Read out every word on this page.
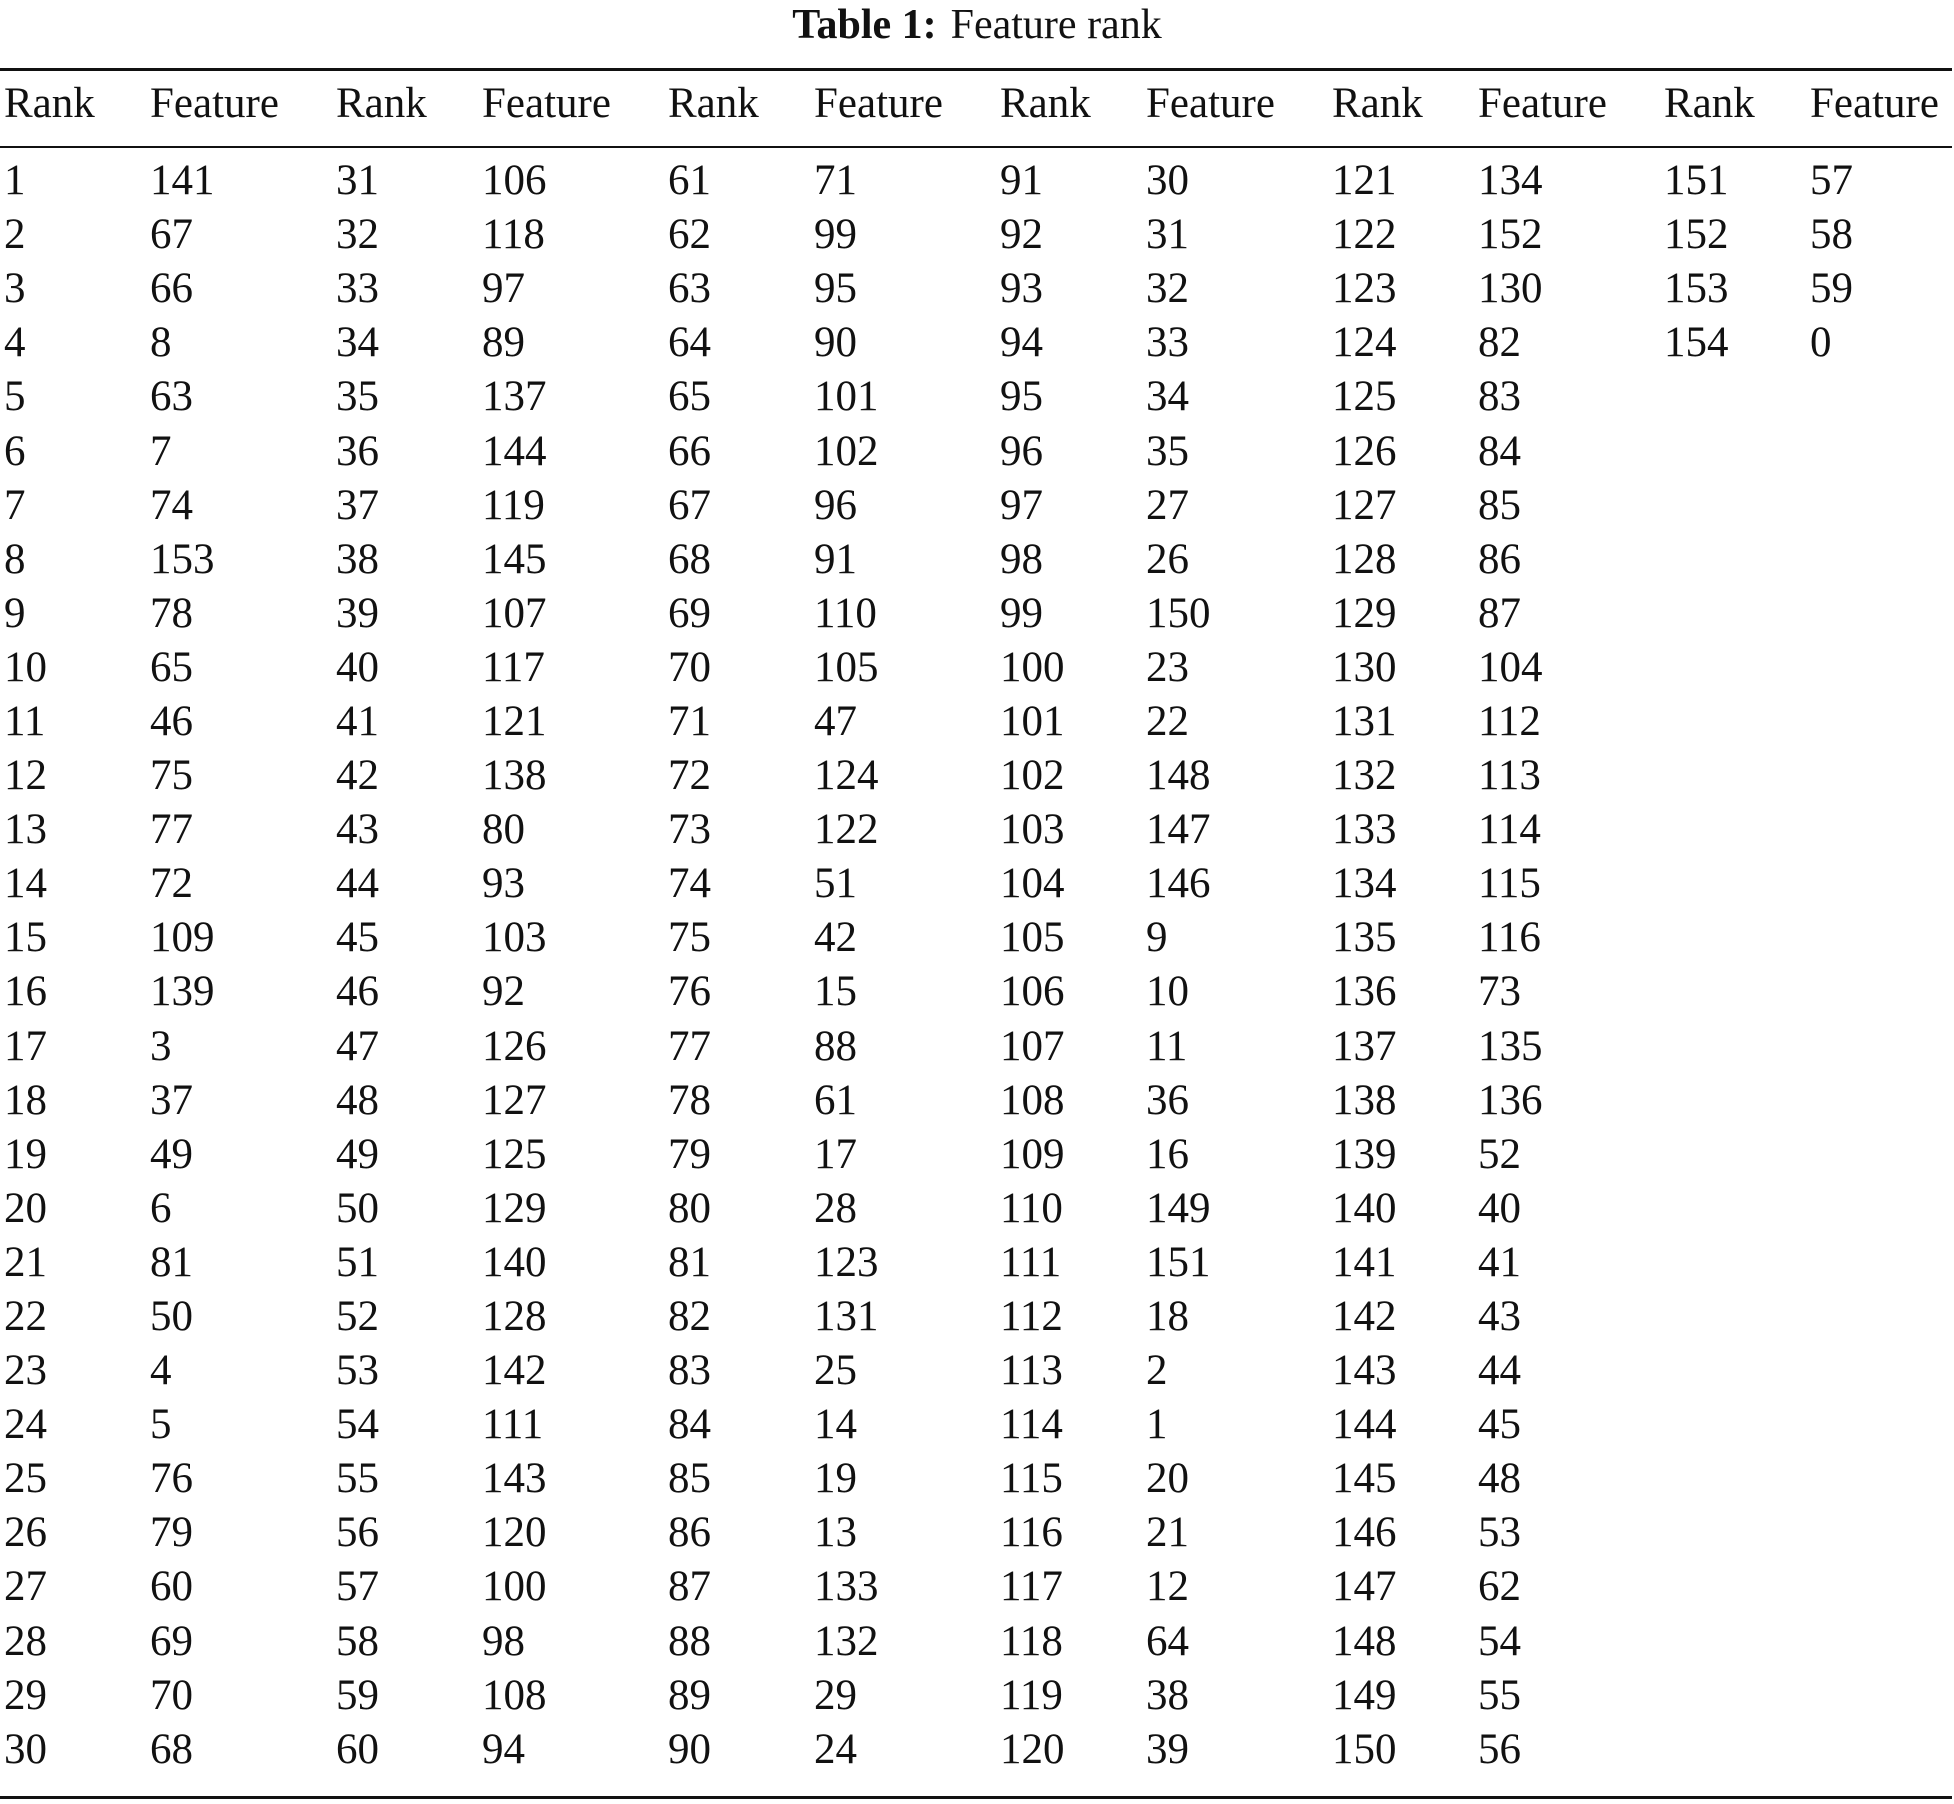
Table 1: Feature rank

Rank	Feature	Rank	Feature	Rank	Feature	Rank	Feature	Rank	Feature	Rank	Feature

1	141	31	106	61	71	91	30	121	134	151	57
2	67	32	118	62	99	92	31	122	152	152	58
3	66	33	97	63	95	93	32	123	130	153	59
4	8	34	89	64	90	94	33	124	82	154	0
5	63	35	137	65	101	95	34	125	83		
6	7	36	144	66	102	96	35	126	84		
7	74	37	119	67	96	97	27	127	85		
8	153	38	145	68	91	98	26	128	86		
9	78	39	107	69	110	99	150	129	87		
10	65	40	117	70	105	100	23	130	104		
11	46	41	121	71	47	101	22	131	112		
12	75	42	138	72	124	102	148	132	113		
13	77	43	80	73	122	103	147	133	114		
14	72	44	93	74	51	104	146	134	115		
15	109	45	103	75	42	105	9	135	116		
16	139	46	92	76	15	106	10	136	73		
17	3	47	126	77	88	107	11	137	135		
18	37	48	127	78	61	108	36	138	136		
19	49	49	125	79	17	109	16	139	52		
20	6	50	129	80	28	110	149	140	40		
21	81	51	140	81	123	111	151	141	41		
22	50	52	128	82	131	112	18	142	43		
23	4	53	142	83	25	113	2	143	44		
24	5	54	111	84	14	114	1	144	45		
25	76	55	143	85	19	115	20	145	48		
26	79	56	120	86	13	116	21	146	53		
27	60	57	100	87	133	117	12	147	62		
28	69	58	98	88	132	118	64	148	54		
29	70	59	108	89	29	119	38	149	55		
30	68	60	94	90	24	120	39	150	56		
